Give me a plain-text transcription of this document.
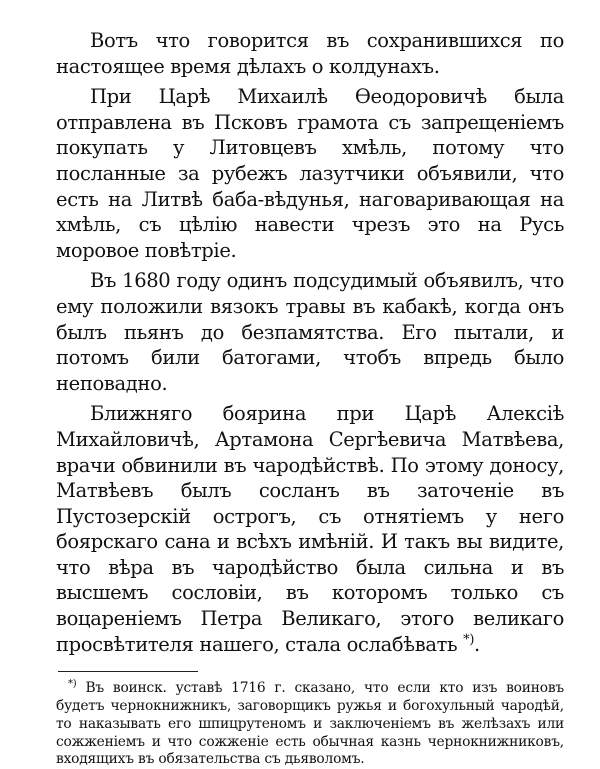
Вотъ что говорится въ сохранившихся по настоящее время дѣлахъ о колдунахъ.

При Царѣ Михаилѣ Ѳеодоровичѣ была отправлена въ Псковъ грамота съ запрещеніемъ покупать у Литовцевъ хмѣль, потому что посланные за рубежъ лазутчики объявили, что есть на Литвѣ баба-вѣдунья, наговаривающая на хмѣль, съ цѣлію навести чрезъ это на Русь моровое повѣтріе.

Въ 1680 году одинъ подсудимый объявилъ, что ему положили вязокъ травы въ кабакѣ, когда онъ былъ пьянъ до безпамятства. Его пытали, и потомъ били батогами, чтобъ впредь было неповадно.

Ближняго боярина при Царѣ Алексіѣ Михайловичѣ, Артамона Сергѣевича Матвѣева, врачи обвинили въ чародѣйствѣ. По этому доносу, Матвѣевъ былъ сосланъ въ заточеніе въ Пустозерскій острогъ, съ отнятіемъ у него боярскаго сана и всѣхъ имѣній. И такъ вы видите, что вѣра въ чародѣйство была сильна и въ высшемъ сословіи, въ которомъ только съ воцареніемъ Петра Великаго, этого великаго просвѣтителя нашего, стала ослабѣвать *).

*) Въ воинск. уставѣ 1716 г. сказано, что если кто изъ воиновъ будетъ чернокнижникъ, заговорщикъ ружья и богохульный чародѣй, то наказывать его шпицрутеномъ и заключеніемъ въ желѣзахъ или сожженіемъ и что сожженіе есть обычная казнь чернокнижниковъ, входящихъ въ обязательства съ дьяволомъ.
